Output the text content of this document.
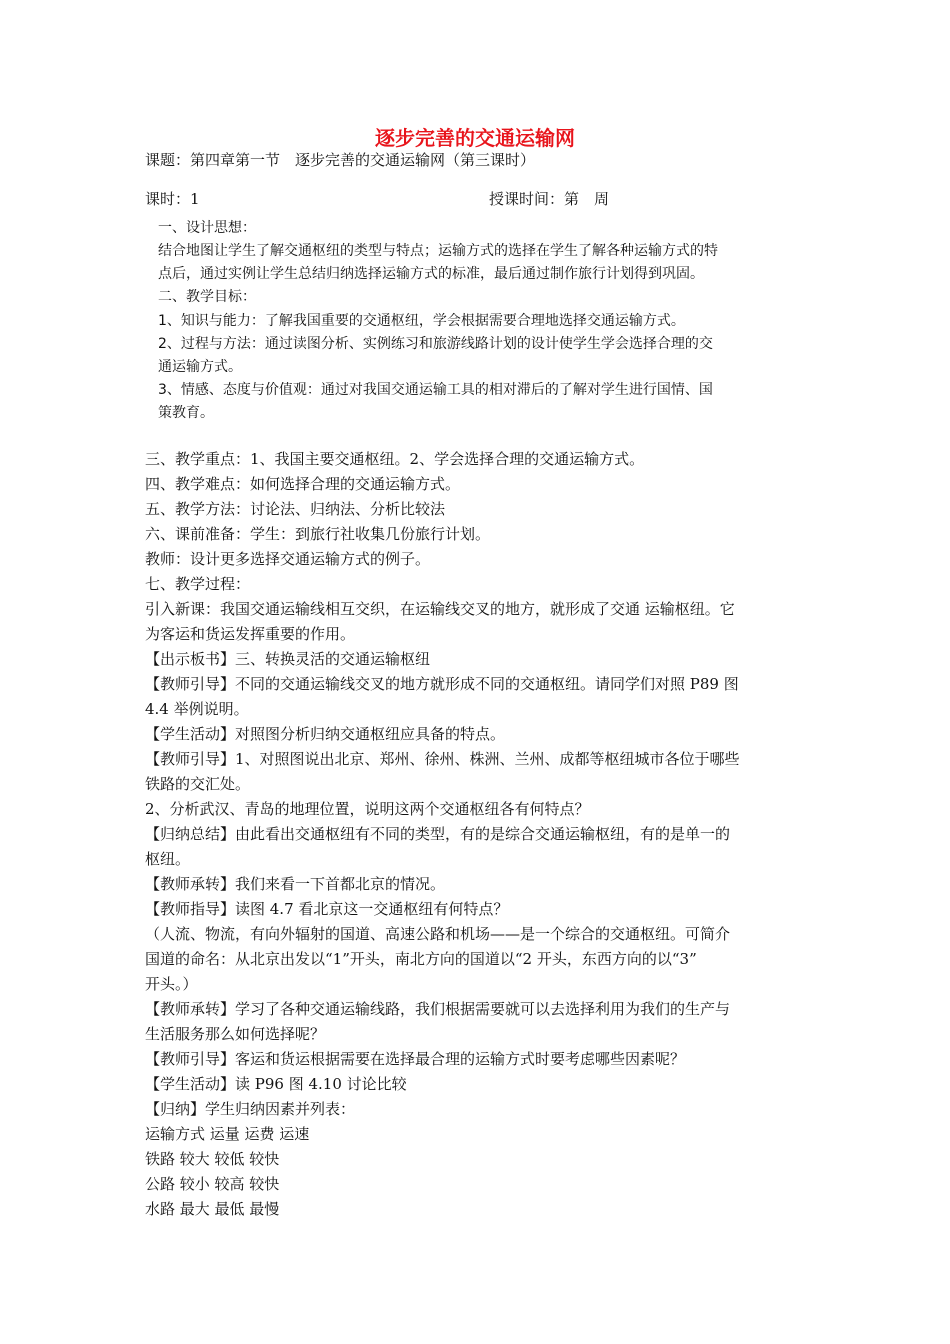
逐步完善的交通运输网
课题：第四章第一节　逐步完善的交通运输网（第三课时）
课时：1	授课时间：第　周
一、设计思想：
结合地图让学生了解交通枢纽的类型与特点；运输方式的选择在学生了解各种运输方式的特
点后，通过实例让学生总结归纳选择运输方式的标准，最后通过制作旅行计划得到巩固。
二、教学目标：
1、知识与能力：了解我国重要的交通枢纽，学会根据需要合理地选择交通运输方式。
2、过程与方法：通过读图分析、实例练习和旅游线路计划的设计使学生学会选择合理的交
通运输方式。
3、情感、态度与价值观：通过对我国交通运输工具的相对滞后的了解对学生进行国情、国
策教育。
三、教学重点：1、我国主要交通枢纽。2、学会选择合理的交通运输方式。
四、教学难点：如何选择合理的交通运输方式。
五、教学方法：讨论法、归纳法、分析比较法
六、课前准备：学生：到旅行社收集几份旅行计划。
教师：设计更多选择交通运输方式的例子。
七、教学过程：
引入新课：我国交通运输线相互交织，在运输线交叉的地方，就形成了交通 运输枢纽。它
为客运和货运发挥重要的作用。
【出示板书】三、转换灵活的交通运输枢纽
【教师引导】不同的交通运输线交叉的地方就形成不同的交通枢纽。请同学们对照 P89 图
4.4 举例说明。
【学生活动】对照图分析归纳交通枢纽应具备的特点。
【教师引导】1、对照图说出北京、郑州、徐州、株洲、兰州、成都等枢纽城市各位于哪些
铁路的交汇处。
2、分析武汉、青岛的地理位置，说明这两个交通枢纽各有何特点？
【归纳总结】由此看出交通枢纽有不同的类型，有的是综合交通运输枢纽，有的是单一的
枢纽。
【教师承转】我们来看一下首都北京的情况。
【教师指导】读图 4.7 看北京这一交通枢纽有何特点？
（人流、物流，有向外辐射的国道、高速公路和机场——是一个综合的交通枢纽。可简介
国道的命名：从北京出发以“1”开头，南北方向的国道以“2 开头，东西方向的以“3”
开头。）
【教师承转】学习了各种交通运输线路，我们根据需要就可以去选择利用为我们的生产与
生活服务那么如何选择呢？
【教师引导】客运和货运根据需要在选择最合理的运输方式时要考虑哪些因素呢？
【学生活动】读 P96 图 4.10 讨论比较
【归纳】学生归纳因素并列表：
运输方式 运量 运费 运速
铁路 较大 较低 较快
公路 较小 较高 较快
水路 最大 最低 最慢
